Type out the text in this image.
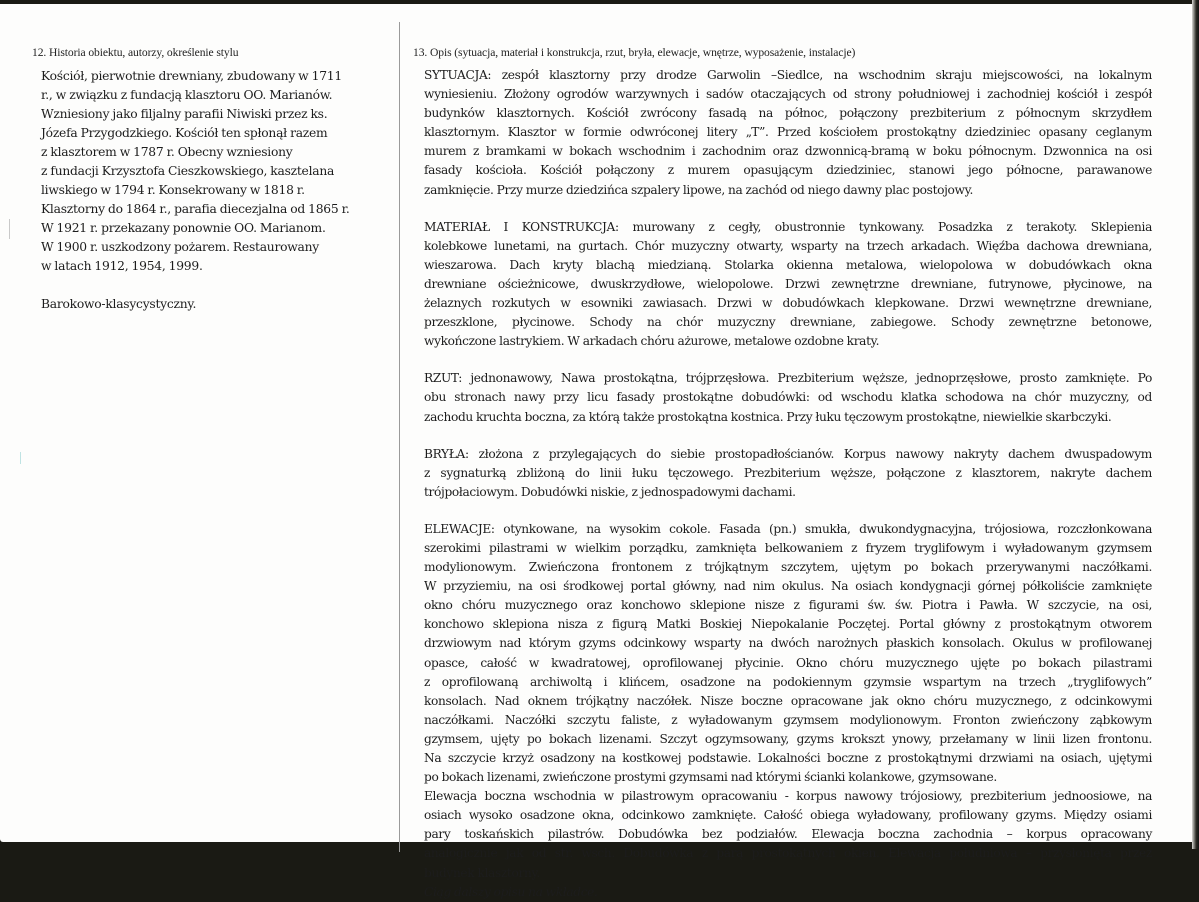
12. Historia obiektu, autorzy, określenie stylu
Kościół, pierwotnie drewniany, zbudowany w 1711
r., w związku z fundacją klasztoru OO. Marianów.
Wzniesiony jako filjalny parafii Niwiski przez ks.
Józefa Przygodzkiego. Kościół ten spłonął razem
z klasztorem w 1787 r. Obecny wzniesiony
z fundacji Krzysztofa Cieszkowskiego, kasztelana
liwskiego w 1794 r. Konsekrowany w 1818 r.
Klasztorny do 1864 r., parafia diecezjalna od 1865 r.
W 1921 r. przekazany ponownie OO. Marianom.
W 1900 r. uszkodzony pożarem. Restaurowany
w latach 1912, 1954, 1999.
Barokowo-klasycystyczny.
13. Opis (sytuacja, materiał i konstrukcja, rzut, bryła, elewacje, wnętrze, wyposażenie, instalacje)

SYTUACJA: zespół klasztorny przy drodze Garwolin –Siedlce, na wschodnim skraju miejscowości, na lokalnym
wyniesieniu. Złożony ogrodów warzywnych i sadów otaczających od strony południowej i zachodniej kościół i zespół
budynków klasztornych. Kościół zwrócony fasadą na północ, połączony prezbiterium z północnym skrzydłem
klasztornym. Klasztor w formie odwróconej litery „T”. Przed kościołem prostokątny dziedziniec opasany ceglanym
murem z bramkami w bokach wschodnim i zachodnim oraz dzwonnicą-bramą w boku północnym. Dzwonnica na osi
fasady kościoła. Kościół połączony z murem opasującym dziedziniec, stanowi jego północne, parawanowe
zamknięcie. Przy murze dziedzińca szpalery lipowe, na zachód od niego dawny plac postojowy.

MATERIAŁ I KONSTRUKCJA: murowany z cegły, obustronnie tynkowany. Posadzka z terakoty. Sklepienia
kolebkowe lunetami, na gurtach. Chór muzyczny otwarty, wsparty na trzech arkadach. Więźba dachowa drewniana,
wieszarowa. Dach kryty blachą miedzianą. Stolarka okienna metalowa, wielopolowa w dobudówkach okna
drewniane ościeżnicowe, dwuskrzydłowe, wielopolowe. Drzwi zewnętrzne drewniane, futrynowe, płycinowe, na
żelaznych rozkutych w esowniki zawiasach. Drzwi w dobudówkach klepkowane. Drzwi wewnętrzne drewniane,
przeszklone, płycinowe. Schody na chór muzyczny drewniane, zabiegowe. Schody zewnętrzne betonowe,
wykończone lastrykiem. W arkadach chóru ażurowe, metalowe ozdobne kraty.

RZUT: jednonawowy, Nawa prostokątna, trójprzęsłowa. Prezbiterium węższe, jednoprzęsłowe, prosto zamknięte. Po
obu stronach nawy przy licu fasady prostokątne dobudówki: od wschodu klatka schodowa na chór muzyczny, od
zachodu kruchta boczna, za którą także prostokątna kostnica. Przy łuku tęczowym prostokątne, niewielkie skarbczyki.

BRYŁA: złożona z przylegających do siebie prostopadłościanów. Korpus nawowy nakryty dachem dwuspadowym
z sygnaturką zbliżoną do linii łuku tęczowego. Prezbiterium węższe, połączone z klasztorem, nakryte dachem
trójpołaciowym. Dobudówki niskie, z jednospadowymi dachami.

ELEWACJE: otynkowane, na wysokim cokole. Fasada (pn.) smukła, dwukondygnacyjna, trójosiowa, rozczłonkowana
szerokimi pilastrami w wielkim porządku, zamknięta belkowaniem z fryzem tryglifowym i wyładowanym gzymsem
modylionowym. Zwieńczona frontonem z trójkątnym szczytem, ujętym po bokach przerywanymi naczółkami.
W przyziemiu, na osi środkowej portal główny, nad nim okulus. Na osiach kondygnacji górnej półkoliście zamknięte
okno chóru muzycznego oraz konchowo sklepione nisze z figurami św. św. Piotra i Pawła. W szczycie, na osi,
konchowo sklepiona nisza z figurą Matki Boskiej Niepokalanie Poczętej. Portal główny z prostokątnym otworem
drzwiowym nad którym gzyms odcinkowy wsparty na dwóch narożnych płaskich konsolach. Okulus w profilowanej
opasce, całość w kwadratowej, oprofilowanej płycinie. Okno chóru muzycznego ujęte po bokach pilastrami
z oprofilowaną archiwoltą i klińcem, osadzone na podokiennym gzymsie wspartym na trzech „tryglifowych”
konsolach. Nad oknem trójkątny naczółek. Nisze boczne opracowane jak okno chóru muzycznego, z odcinkowymi
naczółkami. Naczółki szczytu faliste, z wyładowanym gzymsem modylionowym. Fronton zwieńczony ząbkowym
gzymsem, ujęty po bokach lizenami. Szczyt ogzymsowany, gzyms krokszt ynowy, przełamany w linii lizen frontonu.
Na szczycie krzyż osadzony na kostkowej podstawie. Lokalności boczne z prostokątnymi drzwiami na osiach, ujętymi
po bokach lizenami, zwieńczone prostymi gzymsami nad którymi ścianki kolankowe, gzymsowane.

Elewacja boczna wschodnia w pilastrowym opracowaniu - korpus nawowy trójosiowy, prezbiterium jednoosiowe, na
osiach wysoko osadzone okna, odcinkowo zamknięte. Całość obiega wyładowany, profilowany gzyms. Między osiami
pary toskańskich pilastrów. Dobudówka bez podziałów. Elewacja boczna zachodnia – korpus opracowany
analogicznie jak od str. wsch. Dobudówka z parą prostokątnych okien. Elewacja południowa – przysłonięta przez
budynek klasztorny.
Ciąg dalszy opisu na wkładce.
